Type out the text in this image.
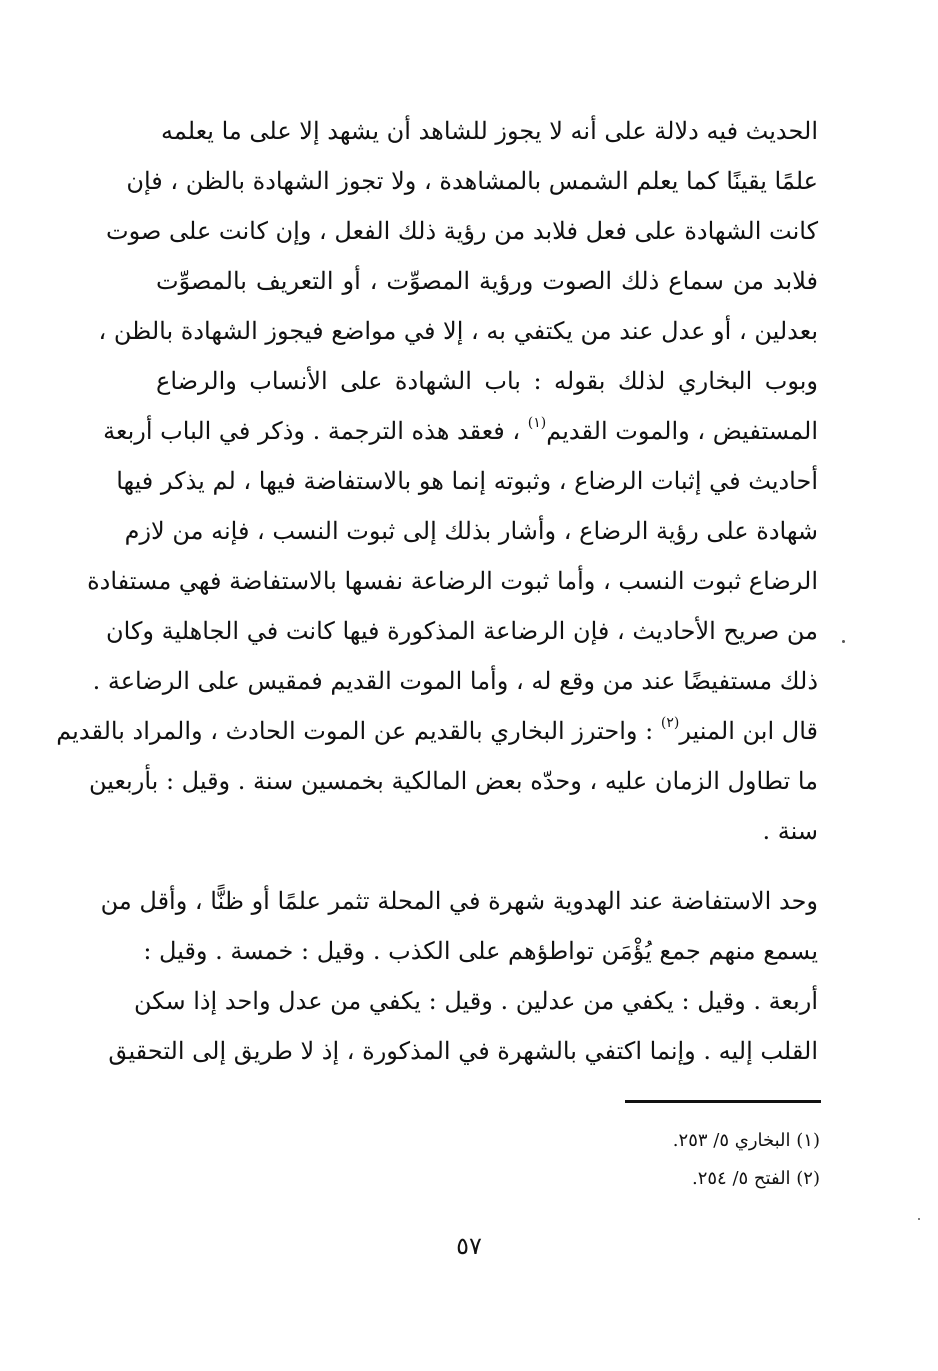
الحديث فيه دلالة على أنه لا يجوز للشاهد أن يشهد إلا على ما يعلمه
علمًا يقينًا كما يعلم الشمس بالمشاهدة ، ولا تجوز الشهادة بالظن ، فإن
كانت الشهادة على فعل فلابد من رؤية ذلك الفعل ، وإن كانت على صوت
فلابد من سماع ذلك الصوت ورؤية المصوِّت ، أو التعريف بالمصوِّت
بعدلين ، أو عدل عند من يكتفي به ، إلا في مواضع فيجوز الشهادة بالظن ،
وبوب البخاري لذلك بقوله : باب الشهادة على الأنساب والرضاع
المستفيض ، والموت القديم$^{(١)}$ ، فعقد هذه الترجمة . وذكر في الباب أربعة
أحاديث في إثبات الرضاع ، وثبوته إنما هو بالاستفاضة فيها ، لم يذكر فيها
شهادة على رؤية الرضاع ، وأشار بذلك إلى ثبوت النسب ، فإنه من لازم
الرضاع ثبوت النسب ، وأما ثبوت الرضاعة نفسها بالاستفاضة فهي مستفادة
من صريح الأحاديث ، فإن الرضاعة المذكورة فيها كانت في الجاهلية وكان
ذلك مستفيضًا عند من وقع له ، وأما الموت القديم فمقيس على الرضاعة .
قال ابن المنير$^{(٢)}$ : واحترز البخاري بالقديم عن الموت الحادث ، والمراد بالقديم
ما تطاول الزمان عليه ، وحدّه بعض المالكية بخمسين سنة . وقيل : بأربعين
سنة .
وحد الاستفاضة عند الهدوية شهرة في المحلة تثمر علمًا أو ظنًّا ، وأقل من
يسمع منهم جمع يُؤْمَن تواطؤهم على الكذب . وقيل : خمسة . وقيل :
أربعة . وقيل : يكفي من عدلين . وقيل : يكفي من عدل واحد إذا سكن
القلب إليه . وإنما اكتفي بالشهرة في المذكورة ، إذ لا طريق إلى التحقيق
(١) البخاري ٥/ ٢٥٣.
(٢) الفتح ٥/ ٢٥٤.
٥٧
